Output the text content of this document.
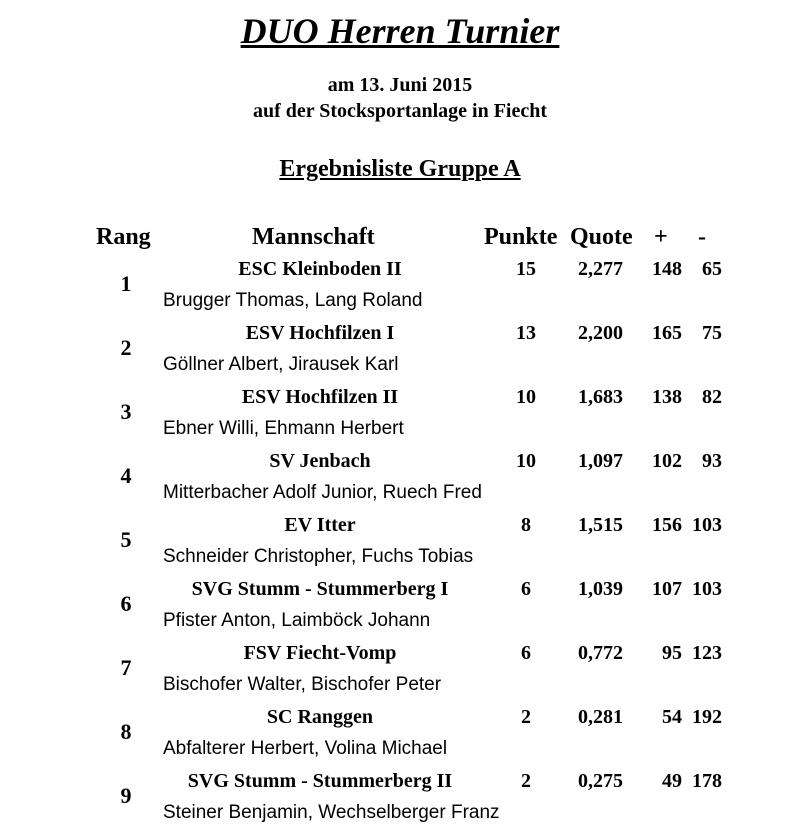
DUO Herren Turnier
am 13. Juni 2015
auf der Stocksportanlage in Fiecht
Ergebnisliste Gruppe A
Rang	Mannschaft	Punkte Quote + -
1
ESC Kleinboden II	15 2,277 148	65
Brugger Thomas, Lang Roland
2
ESV Hochfilzen I	13 2,200 165	75
Göllner Albert, Jirausek Karl
3
ESV Hochfilzen II	10 1,683 138	82
Ebner Willi, Ehmann Herbert
4
SV Jenbach	10 1,097 102	93
Mitterbacher Adolf Junior, Ruech Fred
5
EV Itter	8	1,515 156 103
Schneider Christopher, Fuchs Tobias
6
SVG Stumm - Stummerberg I	6	1,039 107 103
Pfister Anton, Laimböck Johann
7
FSV Fiecht-Vomp	6	0,772	95 123
Bischofer Walter, Bischofer Peter
8
SC Ranggen	2	0,281	54 192
Abfalterer Herbert, Volina Michael
9
SVG Stumm - Stummerberg II	2	0,275	49 178
Steiner Benjamin, Wechselberger Franz
